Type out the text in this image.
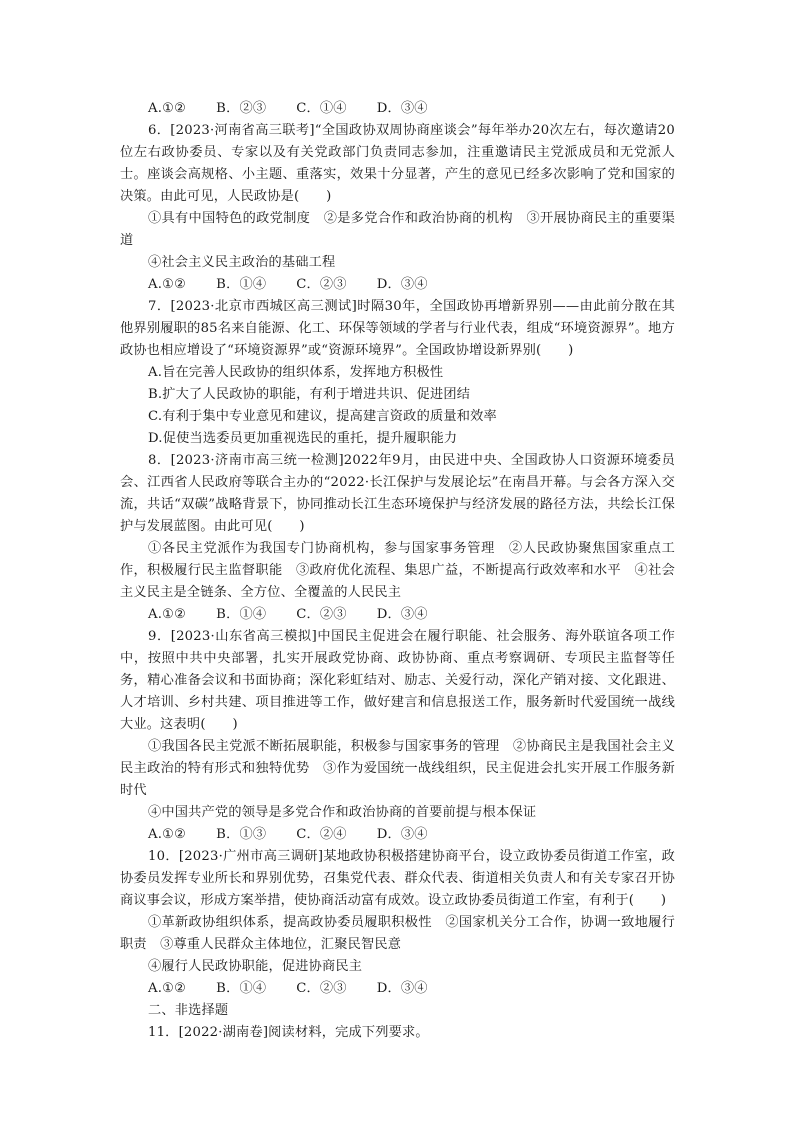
A.①② B．②③ C．①④ D．③④

6．[2023·河南省高三联考]“全国政协双周协商座谈会”每年举办20次左右，每次邀请20位左右政协委员、专家以及有关党政部门负责同志参加，注重邀请民主党派成员和无党派人士。座谈会高规格、小主题、重落实，效果十分显著，产生的意见已经多次影响了党和国家的决策。由此可见，人民政协是(　　)

①具有中国特色的政党制度　②是多党合作和政治协商的机构　③开展协商民主的重要渠道

④社会主义民主政治的基础工程
A.①② B．①④ C．②③ D．③④

7．[2023·北京市西城区高三测试]时隔30年，全国政协再增新界别——由此前分散在其他界别履职的85名来自能源、化工、环保等领域的学者与行业代表，组成“环境资源界”。地方政协也相应增设了“环境资源界”或“资源环境界”。全国政协增设新界别(　　)

A.旨在完善人民政协的组织体系，发挥地方积极性
B.扩大了人民政协的职能，有利于增进共识、促进团结
C.有利于集中专业意见和建议，提高建言资政的质量和效率
D.促使当选委员更加重视选民的重托，提升履职能力

8．[2023·济南市高三统一检测]2022年9月，由民进中央、全国政协人口资源环境委员会、江西省人民政府等联合主办的“2022·长江保护与发展论坛”在南昌开幕。与会各方深入交流，共话“双碳”战略背景下，协同推动长江生态环境保护与经济发展的路径方法，共绘长江保护与发展蓝图。由此可见(　　)

①各民主党派作为我国专门协商机构，参与国家事务管理　②人民政协聚焦国家重点工作，积极履行民主监督职能　③政府优化流程、集思广益，不断提高行政效率和水平　④社会主义民主是全链条、全方位、全覆盖的人民民主

A.①② B．①④ C．②③ D．③④

9．[2023·山东省高三模拟]中国民主促进会在履行职能、社会服务、海外联谊各项工作中，按照中共中央部署，扎实开展政党协商、政协协商、重点考察调研、专项民主监督等任务，精心准备会议和书面协商；深化彩虹结对、励志、关爱行动，深化产销对接、文化跟进、人才培训、乡村共建、项目推进等工作，做好建言和信息报送工作，服务新时代爱国统一战线大业。这表明(　　)

①我国各民主党派不断拓展职能，积极参与国家事务的管理　②协商民主是我国社会主义民主政治的特有形式和独特优势　③作为爱国统一战线组织，民主促进会扎实开展工作服务新时代

④中国共产党的领导是多党合作和政治协商的首要前提与根本保证
A.①② B．①③ C．②④ D．③④

10．[2023·广州市高三调研]某地政协积极搭建协商平台，设立政协委员街道工作室，政协委员发挥专业所长和界别优势，召集党代表、群众代表、街道相关负责人和有关专家召开协商议事会议，形成方案举措，使协商活动富有成效。设立政协委员街道工作室，有利于(　　)

①革新政协组织体系，提高政协委员履职积极性　②国家机关分工合作，协调一致地履行职责　③尊重人民群众主体地位，汇聚民智民意

④履行人民政协职能，促进协商民主
A.①② B．①④ C．②③ D．③④
二、非选择题
11．[2022·湖南卷]阅读材料，完成下列要求。
